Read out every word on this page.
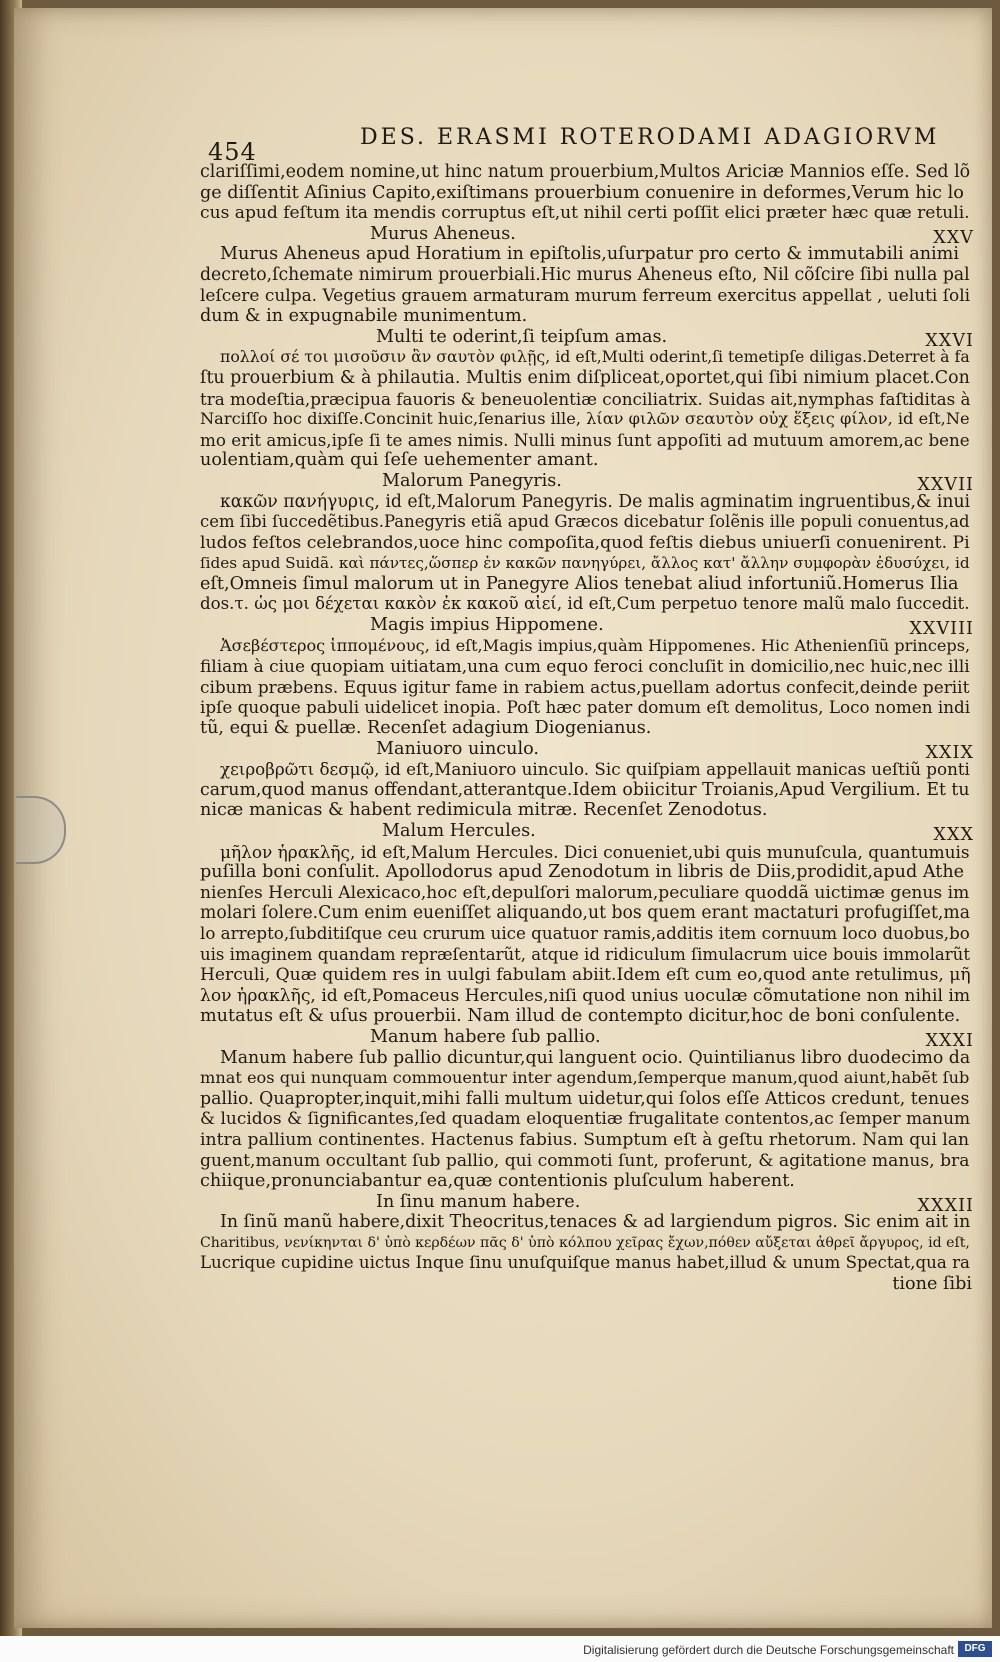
454
DES. ERASMI ROTERODAMI ADAGIORVM
clariſſimi,eodem nomine,ut hinc natum prouerbium,Multos Ariciæ Mannios eſſe. Sed lõ
ge diſſentit Aſinius Capito,exiſtimans prouerbium conuenire in deformes,Verum hic lo
cus apud feſtum ita mendis corruptus eſt,ut nihil certi poſſit elici præter hæc quæ retuli.
Murus Aheneus.	XXV
Murus Aheneus apud Horatium in epiſtolis,uſurpatur pro certo & immutabili animi
decreto,ſchemate nimirum prouerbiali.Hic murus Aheneus eſto, Nil cõſcire ſibi nulla pal
leſcere culpa. Vegetius grauem armaturam murum ferreum exercitus appellat , ueluti ſoli
dum & in expugnabile munimentum.
Multi te oderint,ſi teipſum amas.	XXVI
πολλοί σέ τοι μισοῦσιν ἂν σαυτὸν φιλῇς, id eſt,Multi oderint,ſi temetipſe diligas.Deterret à fa
ſtu prouerbium & à philautia. Multis enim diſpliceat,oportet,qui ſibi nimium placet.Con
tra modeſtia,præcipua fauoris & beneuolentiæ conciliatrix. Suidas ait,nymphas faſtiditas à
Narciſſo hoc dixiſſe.Concinit huic,ſenarius ille, λίαν φιλῶν σεαυτὸν οὐχ ἕξεις φίλον, id eſt,Ne
mo erit amicus,ipſe ſi te ames nimis. Nulli minus ſunt appoſiti ad mutuum amorem,ac bene
uolentiam,quàm qui ſeſe uehementer amant.
Malorum Panegyris.	XXVII
κακῶν πανήγυρις, id eſt,Malorum Panegyris. De malis agminatim ingruentibus,& inui
cem ſibi ſuccedẽtibus.Panegyris etiã apud Græcos dicebatur ſolẽnis ille populi conuentus,ad
ludos feſtos celebrandos,uoce hinc compoſita,quod feſtis diebus uniuerſi conuenirent. Pi
ſides apud Suidã. καὶ πάντες,ὥσπερ ἐν κακῶν πανηγύρει, ἄλλος κατ' ἄλλην συμφορὰν ἐδυσύχει, id
eſt,Omneis ſimul malorum ut in Panegyre Alios tenebat aliud infortuniũ.Homerus Ilia
dos.τ. ὡς μοι δέχεται κακὸν ἐκ κακοῦ αἰεί, id eſt,Cum perpetuo tenore malũ malo ſuccedit.
Magis impius Hippomene.	XXVIII
Ἀσεβέστερος ἱππομένους, id eſt,Magis impius,quàm Hippomenes. Hic Athenienſiũ princeps,
filiam à ciue quopiam uitiatam,una cum equo feroci concluſit in domicilio,nec huic,nec illi
cibum præbens. Equus igitur fame in rabiem actus,puellam adortus confecit,deinde periit
ipſe quoque pabuli uidelicet inopia. Poſt hæc pater domum eſt demolitus, Loco nomen indi
tũ, equi & puellæ. Recenſet adagium Diogenianus.
Maniuoro uinculo.	XXIX
χειροβρῶτι δεσμῷ, id eſt,Maniuoro uinculo. Sic quiſpiam appellauit manicas ueſtiũ ponti
carum,quod manus offendant,atterantque.Idem obiicitur Troianis,Apud Vergilium. Et tu
nicæ manicas & habent redimicula mitræ. Recenſet Zenodotus.
Malum Hercules.	XXX
μῆλον ἡρακλῆς, id eſt,Malum Hercules. Dici conueniet,ubi quis munuſcula, quantumuis
puſilla boni conſulit. Apollodorus apud Zenodotum in libris de Diis,prodidit,apud Athe
nienſes Herculi Alexicaco,hoc eſt,depulſori malorum,peculiare quoddã uictimæ genus im
molari ſolere.Cum enim eueniſſet aliquando,ut bos quem erant mactaturi profugiſſet,ma
lo arrepto,ſubditiſque ceu crurum uice quatuor ramis,additis item cornuum loco duobus,bo
uis imaginem quandam repræſentarũt, atque id ridiculum ſimulacrum uice bouis immolarũt
Herculi, Quæ quidem res in uulgi fabulam abiit.Idem eſt cum eo,quod ante retulimus, μῆ
λον ἡρακλῆς, id eſt,Pomaceus Hercules,niſi quod unius uoculæ cõmutatione non nihil im
mutatus eſt & uſus prouerbii. Nam illud de contempto dicitur,hoc de boni conſulente.
Manum habere ſub pallio.	XXXI
Manum habere ſub pallio dicuntur,qui languent ocio. Quintilianus libro duodecimo da
mnat eos qui nunquam commouentur inter agendum,ſemperque manum,quod aiunt,habẽt ſub
pallio. Quapropter,inquit,mihi falli multum uidetur,qui ſolos eſſe Atticos credunt, tenues
& lucidos & ſignificantes,ſed quadam eloquentiæ frugalitate contentos,ac ſemper manum
intra pallium continentes. Hactenus fabius. Sumptum eſt à geſtu rhetorum. Nam qui lan
guent,manum occultant ſub pallio, qui commoti ſunt, proferunt, & agitatione manus, bra
chiique,pronunciabantur ea,quæ contentionis pluſculum haberent.
In ſinu manum habere.	XXXII
In ſinũ manũ habere,dixit Theocritus,tenaces & ad largiendum pigros. Sic enim ait in
Charitibus, νενίκηνται δ' ὑπὸ κερδέων πᾶς δ' ὑπὸ κόλπου χεῖρας ἔχων,πόθεν αὔξεται ἀθρεῖ ἄργυρος, id eſt,
Lucrique cupidine uictus Inque ſinu unuſquiſque manus habet,illud & unum Spectat,qua ra
tione ſibi
Digitalisierung gefördert durch die Deutsche Forschungsgemeinschaft	DFG
